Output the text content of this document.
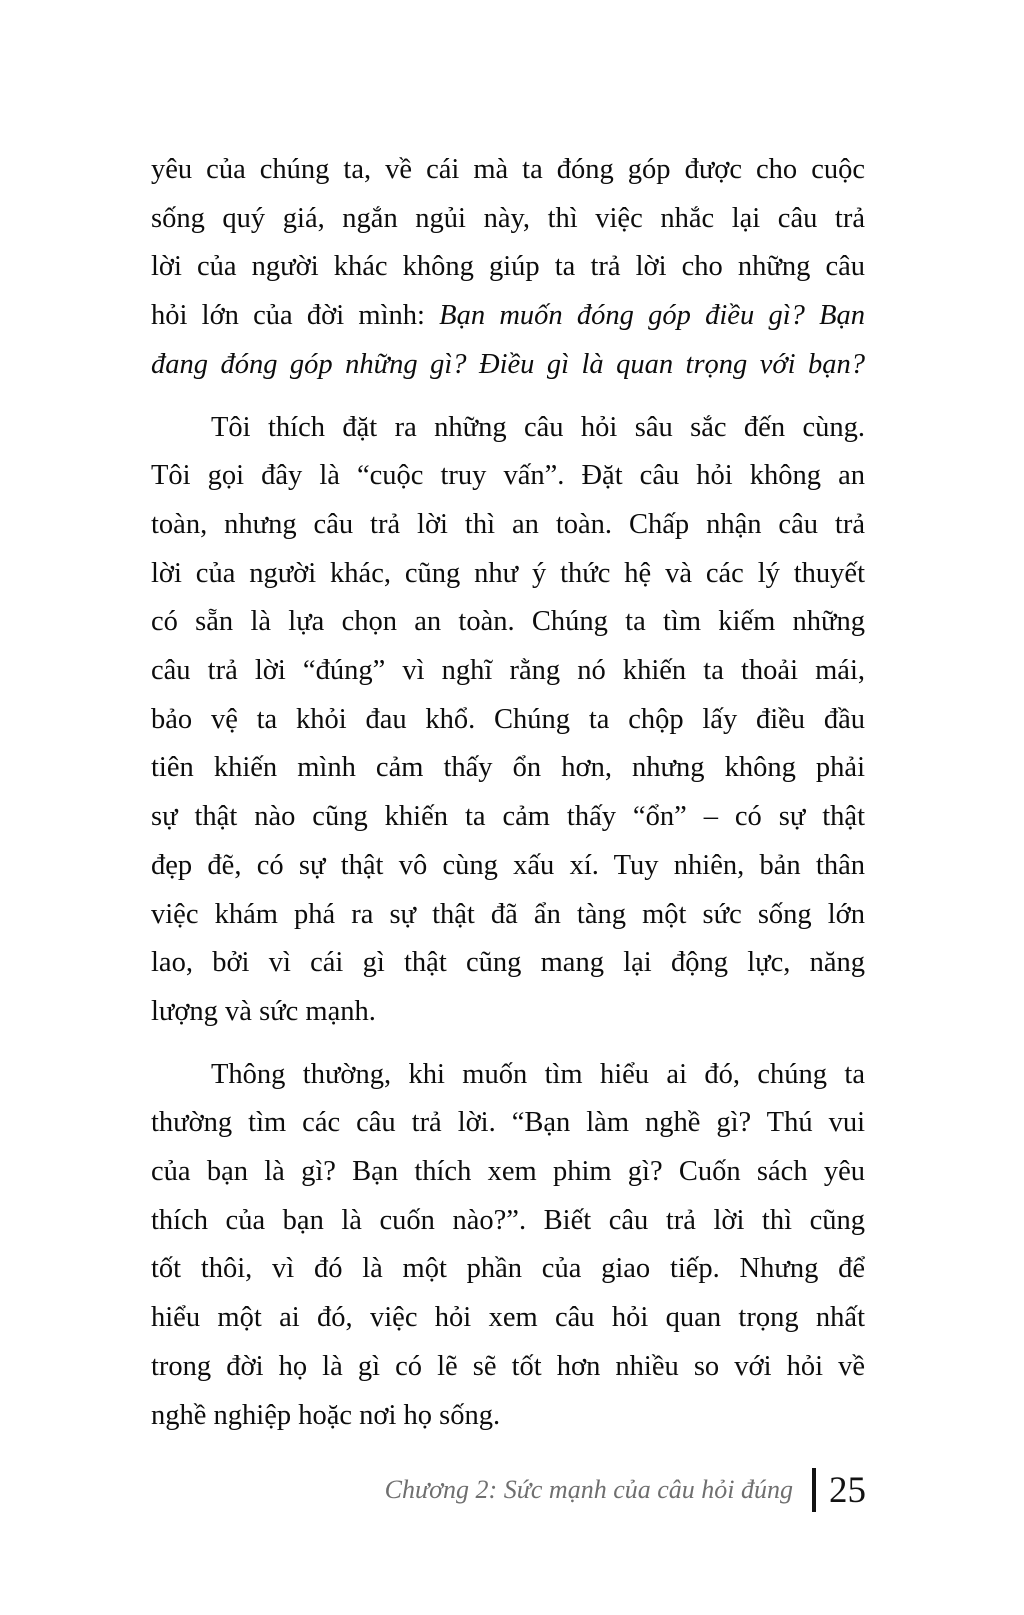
yêu của chúng ta, về cái mà ta đóng góp được cho cuộc
sống quý giá, ngắn ngủi này, thì việc nhắc lại câu trả
lời của người khác không giúp ta trả lời cho những câu
hỏi lớn của đời mình: Bạn muốn đóng góp điều gì? Bạn
đang đóng góp những gì? Điều gì là quan trọng với bạn?
Tôi thích đặt ra những câu hỏi sâu sắc đến cùng.
Tôi gọi đây là “cuộc truy vấn”. Đặt câu hỏi không an
toàn, nhưng câu trả lời thì an toàn. Chấp nhận câu trả
lời của người khác, cũng như ý thức hệ và các lý thuyết
có sẵn là lựa chọn an toàn. Chúng ta tìm kiếm những
câu trả lời “đúng” vì nghĩ rằng nó khiến ta thoải mái,
bảo vệ ta khỏi đau khổ. Chúng ta chộp lấy điều đầu
tiên khiến mình cảm thấy ổn hơn, nhưng không phải
sự thật nào cũng khiến ta cảm thấy “ổn” – có sự thật
đẹp đẽ, có sự thật vô cùng xấu xí. Tuy nhiên, bản thân
việc khám phá ra sự thật đã ẩn tàng một sức sống lớn
lao, bởi vì cái gì thật cũng mang lại động lực, năng
lượng và sức mạnh.
Thông thường, khi muốn tìm hiểu ai đó, chúng ta
thường tìm các câu trả lời. “Bạn làm nghề gì? Thú vui
của bạn là gì? Bạn thích xem phim gì? Cuốn sách yêu
thích của bạn là cuốn nào?”. Biết câu trả lời thì cũng
tốt thôi, vì đó là một phần của giao tiếp. Nhưng để
hiểu một ai đó, việc hỏi xem câu hỏi quan trọng nhất
trong đời họ là gì có lẽ sẽ tốt hơn nhiều so với hỏi về
nghề nghiệp hoặc nơi họ sống.
Chương 2: Sức mạnh của câu hỏi đúng 25
